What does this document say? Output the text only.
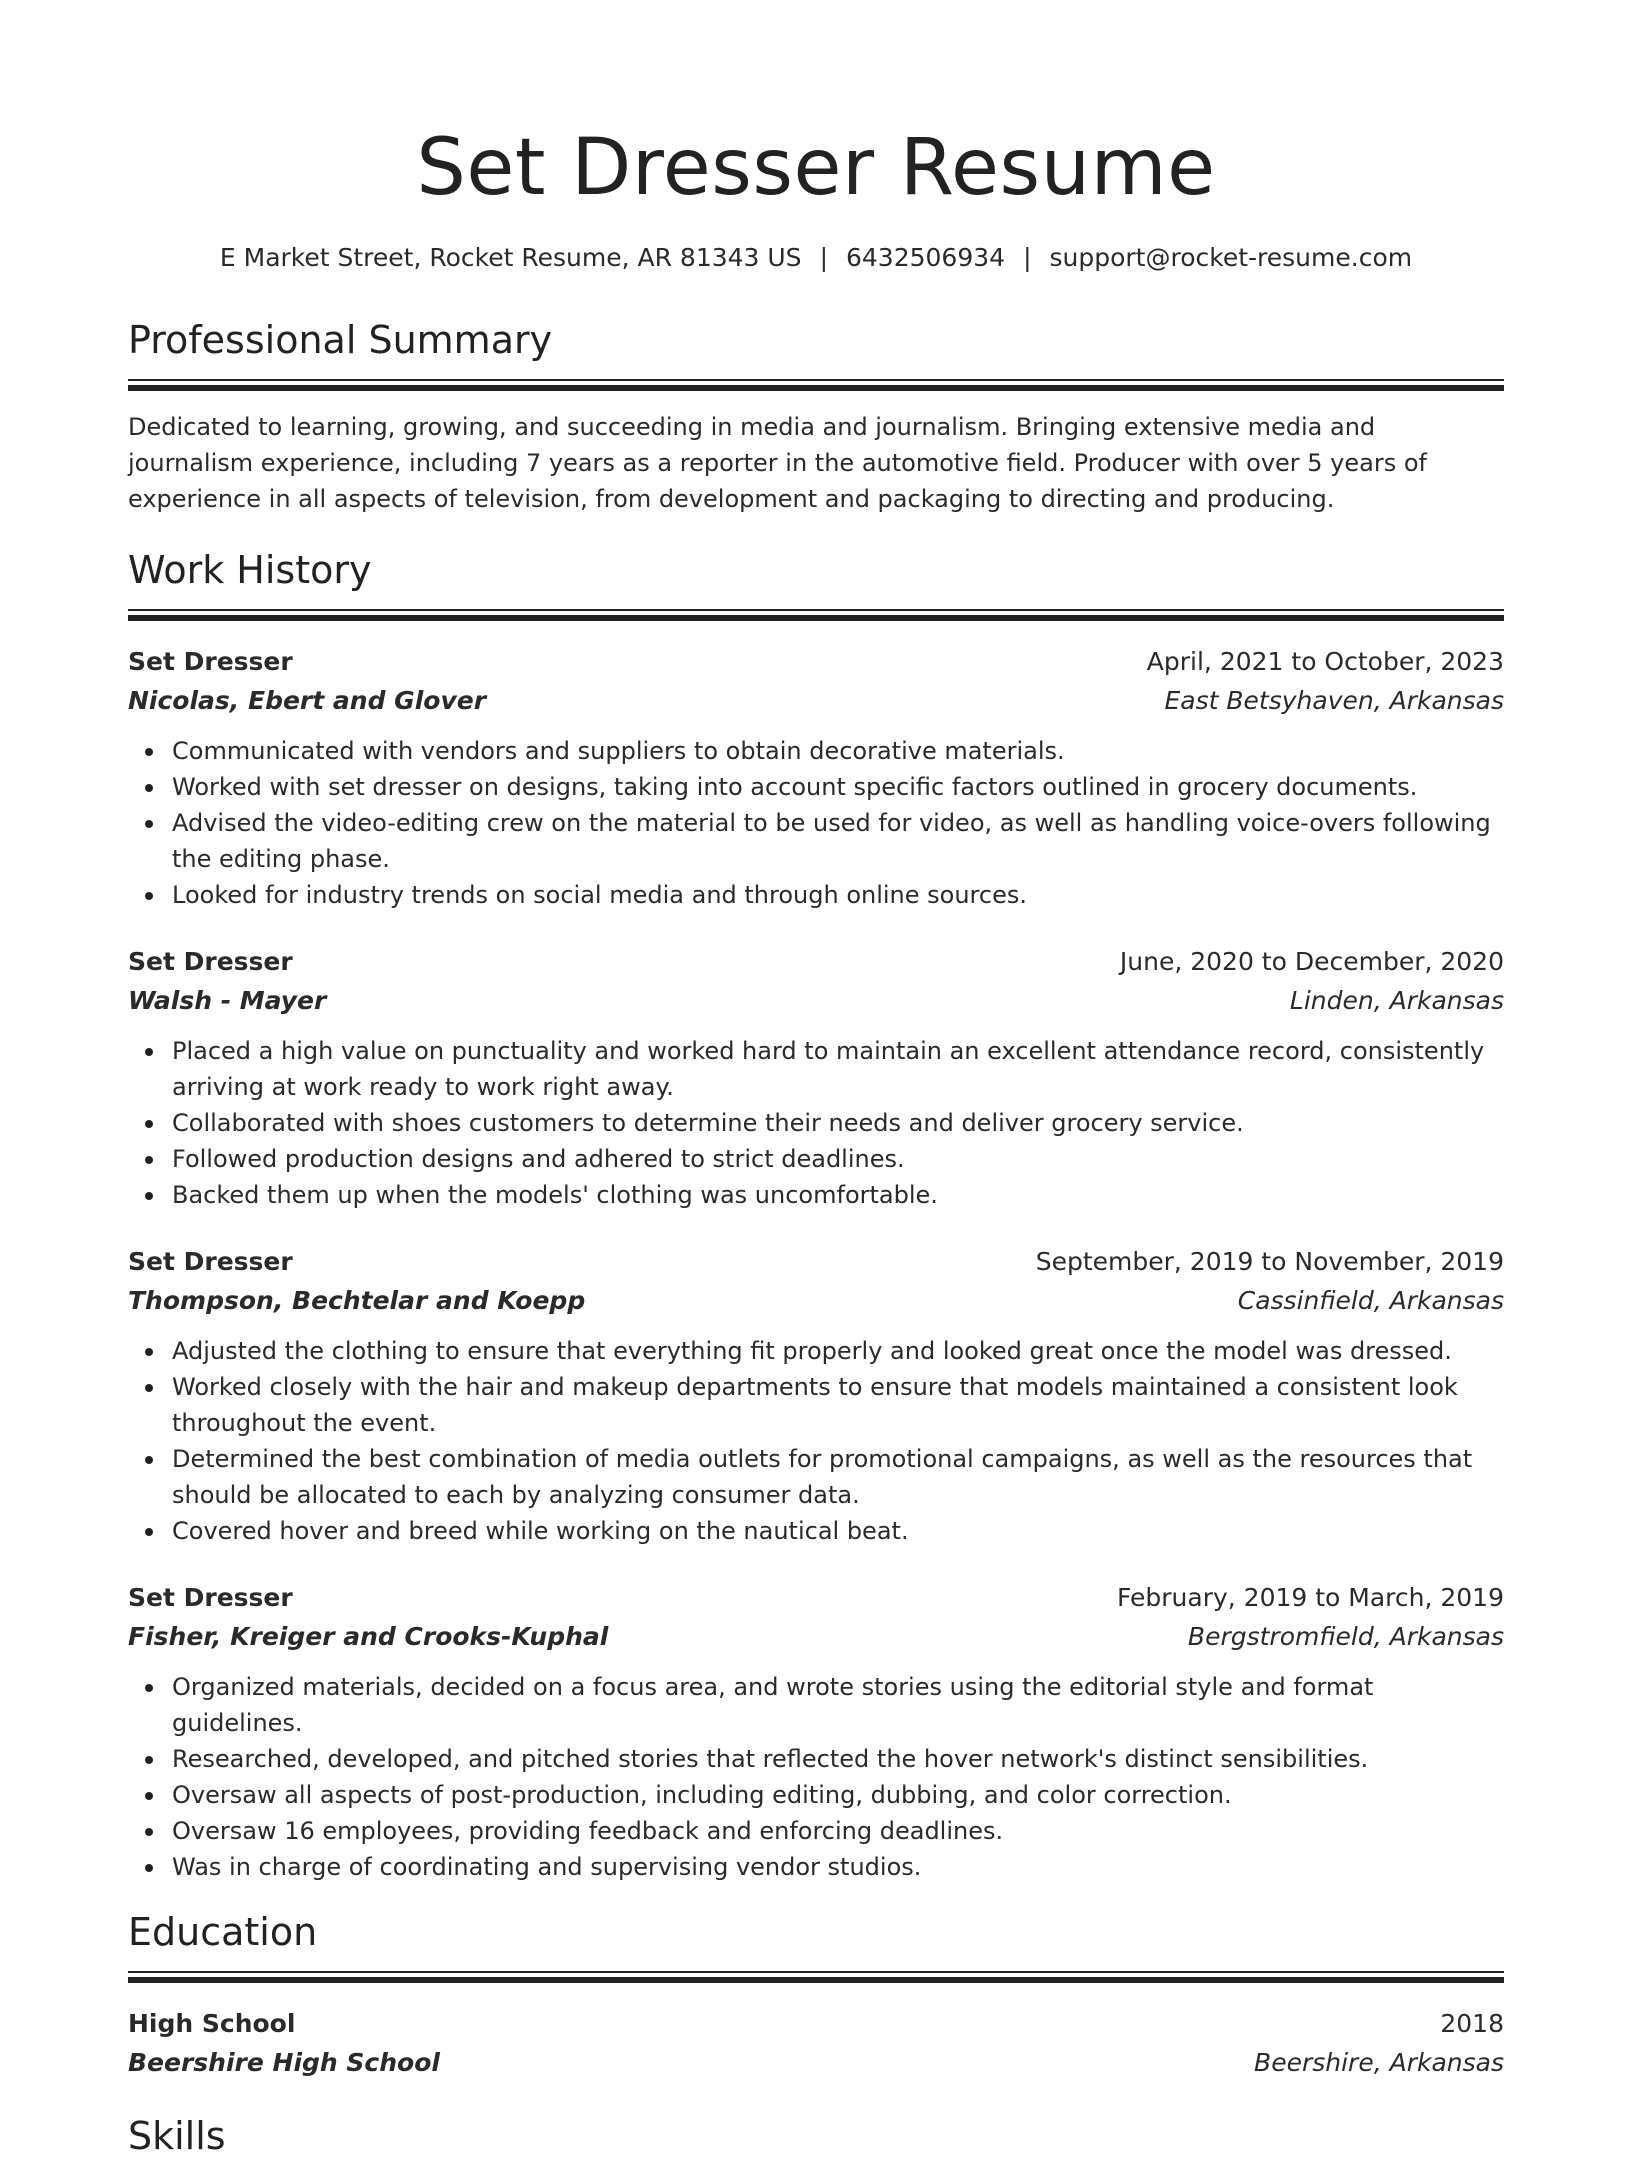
Set Dresser Resume
E Market Street, Rocket Resume, AR 81343 US | 6432506934 | support@rocket-resume.com
Professional Summary
Dedicated to learning, growing, and succeeding in media and journalism. Bringing extensive media and journalism experience, including 7 years as a reporter in the automotive field. Producer with over 5 years of experience in all aspects of television, from development and packaging to directing and producing.
Work History
Set Dresser	April, 2021 to October, 2023
Nicolas, Ebert and Glover	East Betsyhaven, Arkansas
Communicated with vendors and suppliers to obtain decorative materials.
Worked with set dresser on designs, taking into account specific factors outlined in grocery documents.
Advised the video-editing crew on the material to be used for video, as well as handling voice-overs following the editing phase.
Looked for industry trends on social media and through online sources.
Set Dresser	June, 2020 to December, 2020
Walsh - Mayer	Linden, Arkansas
Placed a high value on punctuality and worked hard to maintain an excellent attendance record, consistently arriving at work ready to work right away.
Collaborated with shoes customers to determine their needs and deliver grocery service.
Followed production designs and adhered to strict deadlines.
Backed them up when the models' clothing was uncomfortable.
Set Dresser	September, 2019 to November, 2019
Thompson, Bechtelar and Koepp	Cassinfield, Arkansas
Adjusted the clothing to ensure that everything fit properly and looked great once the model was dressed.
Worked closely with the hair and makeup departments to ensure that models maintained a consistent look throughout the event.
Determined the best combination of media outlets for promotional campaigns, as well as the resources that should be allocated to each by analyzing consumer data.
Covered hover and breed while working on the nautical beat.
Set Dresser	February, 2019 to March, 2019
Fisher, Kreiger and Crooks-Kuphal	Bergstromfield, Arkansas
Organized materials, decided on a focus area, and wrote stories using the editorial style and format guidelines.
Researched, developed, and pitched stories that reflected the hover network's distinct sensibilities.
Oversaw all aspects of post-production, including editing, dubbing, and color correction.
Oversaw 16 employees, providing feedback and enforcing deadlines.
Was in charge of coordinating and supervising vendor studios.
Education
High School	2018
Beershire High School	Beershire, Arkansas
Skills
